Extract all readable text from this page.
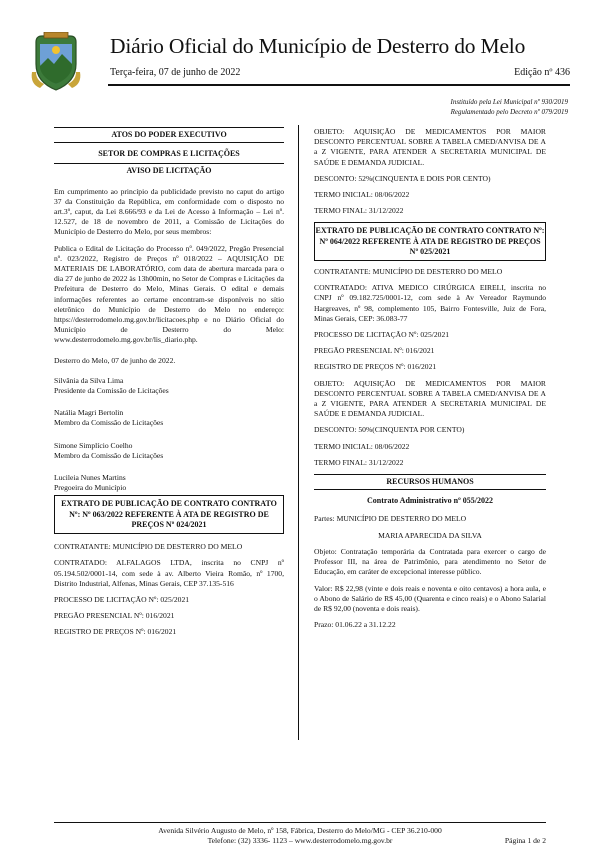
Diário Oficial do Município de Desterro do Melo
Terça-feira, 07 de junho de 2022	Edição nº 436
Instituído pela Lei Municipal nº 930/2019
Regulamentado pelo Decreto nº 079/2019
ATOS DO PODER EXECUTIVO
SETOR DE COMPRAS E LICITAÇÕES
AVISO DE LICITAÇÃO

Em cumprimento ao princípio da publicidade previsto no caput do artigo 37 da Constituição da República, em conformidade com o disposto no art.3º, caput, da Lei 8.666/93 e da Lei de Acesso à Informação – Lei nº. 12.527, de 18 de novembro de 2011, a Comissão de Licitações do Município de Desterro do Melo, por seus membros:

Publica o Edital de Licitação do Processo nº. 049/2022, Pregão Presencial nº. 023/2022, Registro de Preços nº 018/2022 – AQUISIÇÃO DE MATERIAIS DE LABORATÓRIO, com data de abertura marcada para o dia 27 de junho de 2022 às 13h00min, no Setor de Compras e Licitações da Prefeitura de Desterro do Melo, Minas Gerais. O edital e demais informações referentes ao certame encontram-se disponíveis no sítio eletrônico do Município de Desterro do Melo no endereço: https://desterrodomelo.mg.gov.br/licitacoes.php e no Diário Oficial do Município de Desterro do Melo: www.desterrodomelo.mg.gov.br/lis_diario.php.

Desterro do Melo, 07 de junho de 2022.

Silvânia da Silva Lima

Presidente da Comissão de Licitações

Natália Magri Bertolin

Membro da Comissão de Licitações

Simone Simplício Coelho

Membro da Comissão de Licitações

Lucileia Nunes Martins

Pregoeira do Município

EXTRATO DE PUBLICAÇÃO DE CONTRATO CONTRATO Nº: Nº 063/2022 REFERENTE À ATA DE REGISTRO DE PREÇOS Nº 024/2021

CONTRATANTE: MUNICÍPIO DE DESTERRO DO MELO

CONTRATADO: ALFALAGOS LTDA, inscrita no CNPJ nº 05.194.502/0001-14, com sede à av. Alberto Vieira Romão, nº 1700, Distrito Industrial, Alfenas, Minas Gerais, CEP 37.135-516

PROCESSO DE LICITAÇÃO Nº: 025/2021

PREGÃO PRESENCIAL Nº: 016/2021

REGISTRO DE PREÇOS Nº: 016/2021

OBJETO: AQUISIÇÃO DE MEDICAMENTOS POR MAIOR DESCONTO PERCENTUAL SOBRE A TABELA CMED/ANVISA DE A a Z VIGENTE, PARA ATENDER A SECRETARIA MUNICIPAL DE SAÚDE E DEMANDA JUDICIAL.

DESCONTO: 52%(CINQUENTA E DOIS POR CENTO)

TERMO INICIAL: 08/06/2022

TERMO FINAL: 31/12/2022

EXTRATO DE PUBLICAÇÃO DE CONTRATO CONTRATO Nº: Nº 064/2022 REFERENTE À ATA DE REGISTRO DE PREÇOS Nº 025/2021

CONTRATANTE: MUNICÍPIO DE DESTERRO DO MELO

CONTRATADO: ATIVA MEDICO CIRÚRGICA EIRELI, inscrita no CNPJ nº 09.182.725/0001-12, com sede à Av Vereador Raymundo Hargreaves, nº 98, complemento 105, Bairro Fontesville, Juiz de Fora, Minas Gerais, CEP: 36.083-77

PROCESSO DE LICITAÇÃO Nº: 025/2021

PREGÃO PRESENCIAL Nº: 016/2021

REGISTRO DE PREÇOS Nº: 016/2021

OBJETO: AQUISIÇÃO DE MEDICAMENTOS POR MAIOR DESCONTO PERCENTUAL SOBRE A TABELA CMED/ANVISA DE A a Z VIGENTE, PARA ATENDER A SECRETARIA MUNICIPAL DE SAÚDE E DEMANDA JUDICIAL.

DESCONTO: 50%(CINQUENTA POR CENTO)

TERMO INICIAL: 08/06/2022

TERMO FINAL: 31/12/2022

RECURSOS HUMANOS
Contrato Administrativo nº 055/2022

Partes: MUNICÍPIO DE DESTERRO DO MELO

MARIA APARECIDA DA SILVA

Objeto: Contratação temporária da Contratada para exercer o cargo de Professor III, na área de Patrimônio, para atendimento no Setor de Educação, em caráter de excepcional interesse público.

Valor: R$ 22,98 (vinte e dois reais e noventa e oito centavos) a hora aula, e o Abono de Salário de R$ 45,00 (Quarenta e cinco reais) e o Abono Salarial de R$ 92,00 (noventa e dois reais).

Prazo: 01.06.22 a 31.12.22

Avenida Silvério Augusto de Melo, nº 158, Fábrica, Desterro do Melo/MG - CEP 36.210-000
Telefone: (32) 3336- 1123 – www.desterrodomelo.mg.gov.br	Página 1 de 2
